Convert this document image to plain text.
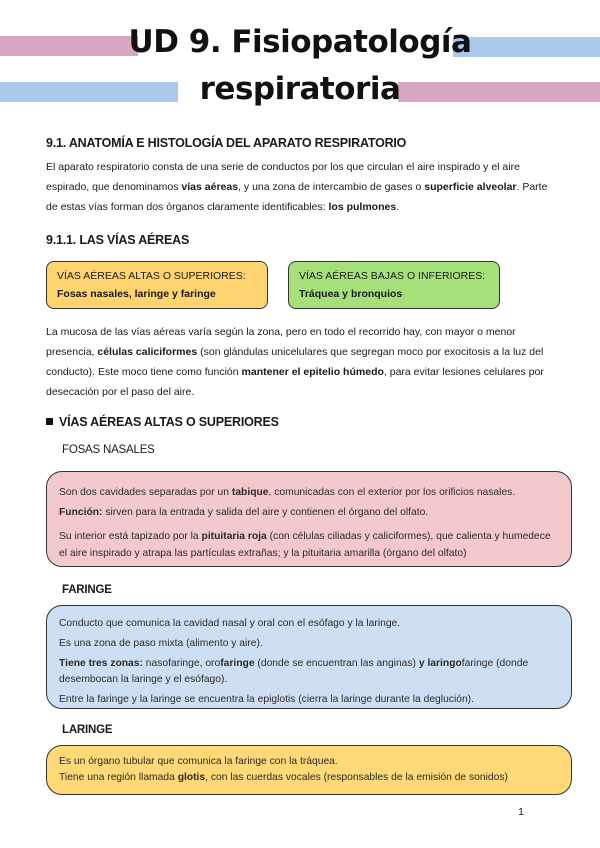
UD 9. Fisiopatología
respiratoria
9.1. ANATOMÍA E HISTOLOGÍA DEL APARATO RESPIRATORIO

El aparato respiratorio consta de una serie de conductos por los que circulan el aire inspirado y el aire espirado, que denominamos vías aéreas, y una zona de intercambio de gases o superficie alveolar. Parte de estas vías forman dos órganos claramente identificables: los pulmones.

9.1.1. LAS VÍAS AÉREAS
VÍAS AÉREAS ALTAS O SUPERIORES:
Fosas nasales, laringe y faringe
VÍAS AÉREAS BAJAS O INFERIORES:
Tráquea y bronquios

La mucosa de las vías aéreas varía según la zona, pero en todo el recorrido hay, con mayor o menor presencia, células caliciformes (son glándulas unicelulares que segregan moco por exocitosis a la luz del conducto). Este moco tiene como función mantener el epitelio húmedo, para evitar lesiones celulares por desecación por el paso del aire.

VÍAS AÉREAS ALTAS O SUPERIORES
FOSAS NASALES

Son dos cavidades separadas por un tabique, comunicadas con el exterior por los orificios nasales.

Función: sirven para la entrada y salida del aire y contienen el órgano del olfato.

Su interior está tapizado por la pituitaria roja (con células ciliadas y caliciformes), que calienta y humedece el aire inspirado y atrapa las partículas extrañas; y la pituitaria amarilla (órgano del olfato)

FARINGE

Conducto que comunica la cavidad nasal y oral con el esófago y la laringe.

Es una zona de paso mixta (alimento y aire).

Tiene tres zonas: nasofaringe, orofaringe (donde se encuentran las anginas) y laringofaringe (donde desembocan la laringe y el esófago).

Entre la faringe y la laringe se encuentra la epiglotis (cierra la laringe durante la deglución).

LARINGE

Es un órgano tubular que comunica la faringe con la tráquea.

Tiene una región llamada glotis, con las cuerdas vocales (responsables de la emisión de sonidos)

1
